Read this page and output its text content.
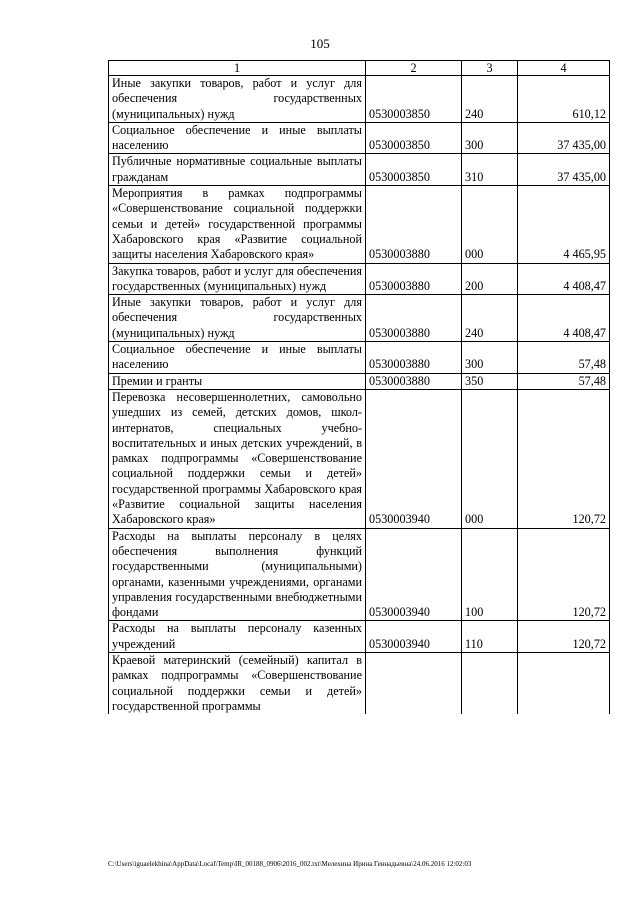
105
1	2	3	4
Иные закупки товаров, работ и услуг для обеспечения государственных (муниципальных) нужд	0530003850	240	610,12
Социальное обеспечение и иные выплаты населению	0530003850	300	37 435,00
Публичные нормативные социальные выплаты гражданам	0530003850	310	37 435,00
Мероприятия в рамках подпрограммы «Совершенствование социальной поддержки семьи и детей» государственной программы Хабаровского края «Развитие социальной защиты населения Хабаровского края»	0530003880	000	4 465,95
Закупка товаров, работ и услуг для обеспечения государственных (муниципальных) нужд	0530003880	200	4 408,47
Иные закупки товаров, работ и услуг для обеспечения государственных (муниципальных) нужд	0530003880	240	4 408,47
Социальное обеспечение и иные выплаты населению	0530003880	300	57,48
Премии и гранты	0530003880	350	57,48
Перевозка несовершеннолетних, самовольно ушедших из семей, детских домов, школ-интернатов, специальных учебно-воспитательных и иных детских учреждений, в рамках подпрограммы «Совершенствование социальной поддержки семьи и детей» государственной программы Хабаровского края «Развитие социальной защиты населения Хабаровского края»	0530003940	000	120,72
Расходы на выплаты персоналу в целях обеспечения выполнения функций государственными (муниципальными) органами, казенными учреждениями, органами управления государственными внебюджетными фондами	0530003940	100	120,72
Расходы на выплаты персоналу казенных учреждений	0530003940	110	120,72
Краевой материнский (семейный) капитал в рамках подпрограммы «Совершенствование социальной поддержки семьи и детей» государственной программы			
C:\Users\iguaelekhina\AppData\Local\Temp\IR_00188_0906\2016_002.txt\Мелехина Ирина Геннадьевна\24.06.2016 12:02:03
